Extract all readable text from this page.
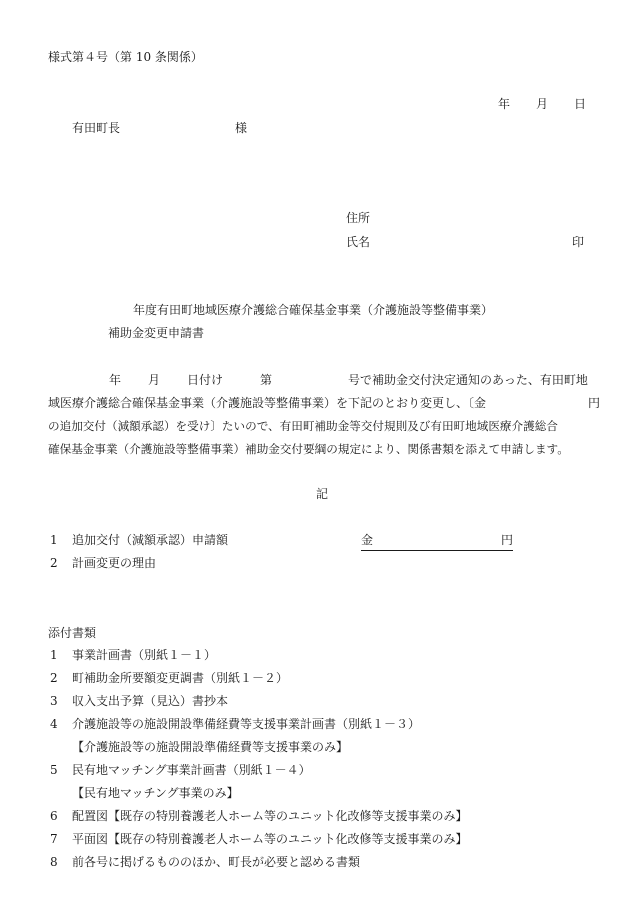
様式第４号（第 10 条関係）
年 月 日
有田町長	様
住所
氏名	印
年度有田町地域医療介護総合確保基金事業（介護施設等整備事業）
補助金変更申請書
年 月 日付け	第	号で補助金交付決定通知のあった、有田町地
域医療介護総合確保基金事業（介護施設等整備事業）を下記のとおり変更し、〔金	円
の追加交付（減額承認）を受け〕たいので、有田町補助金等交付規則及び有田町地域医療介護総合
確保基金事業（介護施設等整備事業）補助金交付要綱の規定により、関係書類を添えて申請します。
記
1 追加交付（減額承認）申請額	金	円
2 計画変更の理由
添付書類
1 事業計画書（別紙１－１）
2 町補助金所要額変更調書（別紙１－２）
3 収入支出予算（見込）書抄本
4 介護施設等の施設開設準備経費等支援事業計画書（別紙１－３）
【介護施設等の施設開設準備経費等支援事業のみ】
5 民有地マッチング事業計画書（別紙１－４）
【民有地マッチング事業のみ】
6 配置図【既存の特別養護老人ホーム等のユニット化改修等支援事業のみ】
7 平面図【既存の特別養護老人ホーム等のユニット化改修等支援事業のみ】
8 前各号に掲げるもののほか、町長が必要と認める書類
